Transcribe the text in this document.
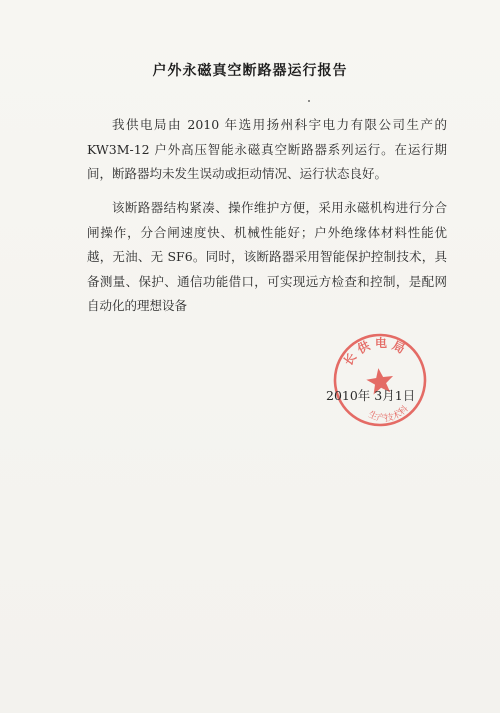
户外永磁真空断路器运行报告

我供电局由 2010 年选用扬州科宇电力有限公司生产的KW3M-12 户外高压智能永磁真空断路器系列运行。在运行期间，断路器均未发生误动或拒动情况、运行状态良好。

该断路器结构紧凑、操作维护方便，采用永磁机构进行分合闸操作，分合闸速度快、机械性能好；户外绝缘体材料性能优越，无油、无 SF6。同时，该断路器采用智能保护控制技术，具备测量、保护、通信功能借口，可实现远方检查和控制，是配网自动化的理想设备

长 供 电 局
生产技术科
2010年 3月1日
